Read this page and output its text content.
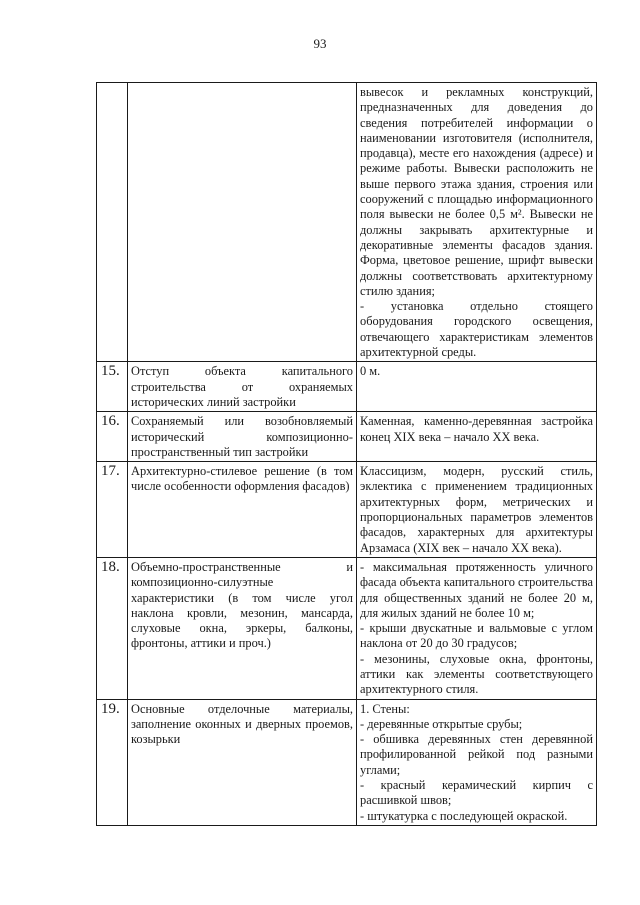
93

		вывесок и рекламных конструкций, предназначенных для доведения до сведения потребителей информации о наименовании изготовителя (исполнителя, продавца), месте его нахождения (адресе) и режиме работы. Вывески расположить не выше первого этажа здания, строения или сооружений с площадью информационного поля вывески не более 0,5 м². Вывески не должны закрывать архитектурные и декоративные элементы фасадов здания. Форма, цветовое решение, шрифт вывески должны соответствовать архитектурному стилю здания;

- установка отдельно стоящего оборудования городского освещения, отвечающего характеристикам элементов архитектурной среды.

15.	Отступ объекта капитального строительства от охраняемых исторических линий застройки	0 м.

16.	Сохраняемый или возобновляемый исторический композиционно-пространственный тип застройки	Каменная, каменно-деревянная застройка конец XIX века – начало XX века.

17.	Архитектурно-стилевое решение (в том числе особенности оформления фасадов)	Классицизм, модерн, русский стиль, эклектика с применением традиционных архитектурных форм, метрических и пропорциональных параметров элементов фасадов, характерных для архитектуры Арзамаса (XIX век – начало XX века).

18.	Объемно-пространственные и композиционно-силуэтные характеристики (в том числе угол наклона кровли, мезонин, мансарда, слуховые окна, эркеры, балконы, фронтоны, аттики и проч.)	- максимальная протяженность уличного фасада объекта капитального строительства для общественных зданий не более 20 м, для жилых зданий не более 10 м;

- крыши двускатные и вальмовые с углом наклона от 20 до 30 градусов;

- мезонины, слуховые окна, фронтоны, аттики как элементы соответствующего архитектурного стиля.

19.	Основные отделочные материалы, заполнение оконных и дверных проемов, козырьки	1. Стены:

- деревянные открытые срубы;

- обшивка деревянных стен деревянной профилированной рейкой под разными углами;

- красный керамический кирпич с расшивкой швов;

- штукатурка с последующей окраской.
